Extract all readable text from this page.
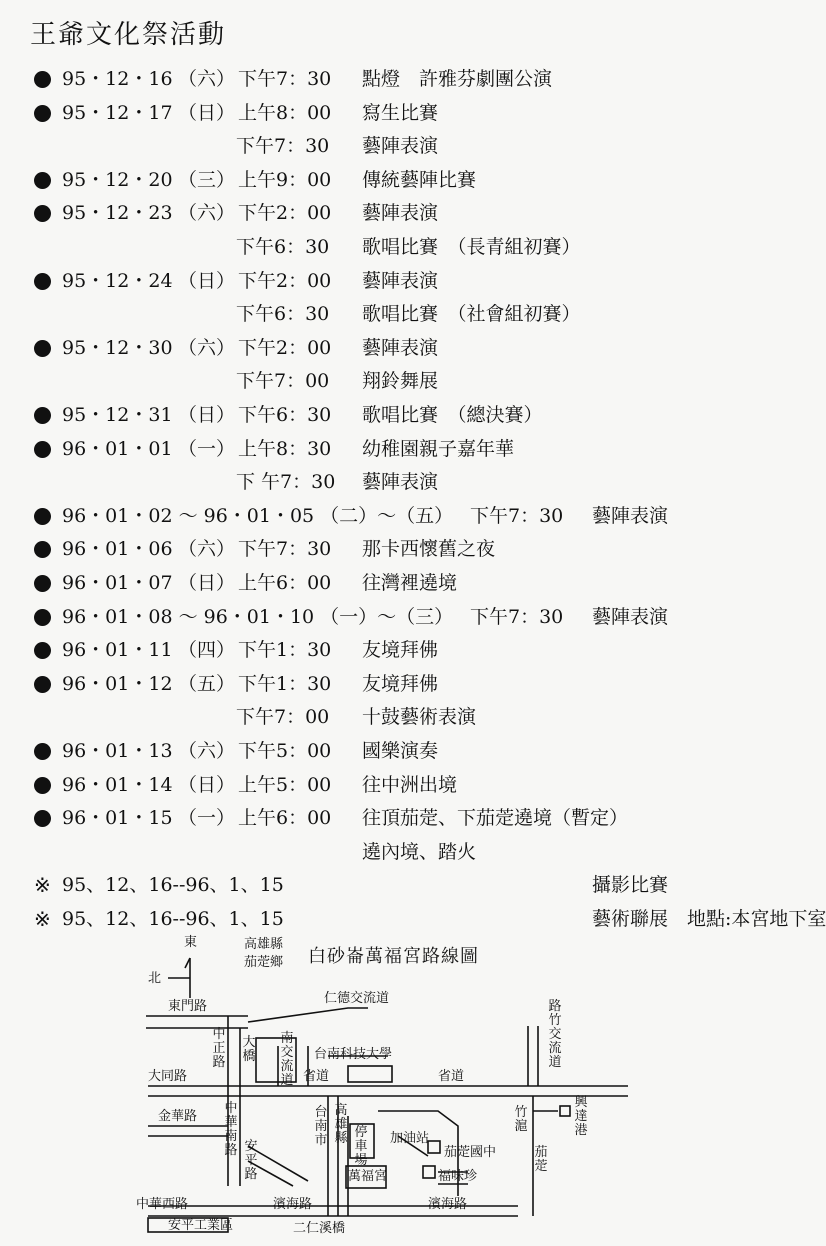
王爺文化祭活動
95・12・16 （六） 下午7：30 點燈　許雅芬劇團公演
95・12・17 （日） 上午8：00 寫生比賽
下午7：30 藝陣表演
95・12・20 （三） 上午9：00 傳統藝陣比賽
95・12・23 （六） 下午2：00 藝陣表演
下午6：30 歌唱比賽　（長青組初賽）
95・12・24 （日） 下午2：00 藝陣表演
下午6：30 歌唱比賽　（社會組初賽）
95・12・30 （六） 下午2：00 藝陣表演
下午7：00 翔鈴舞展
95・12・31 （日） 下午6：30 歌唱比賽　（總決賽）
96・01・01 （一） 上午8：30 幼稚園親子嘉年華
下 午7：30 藝陣表演
96・01・02 ～ 96・01・05 （二）～（五） 下午7：30 藝陣表演
96・01・06 （六） 下午7：30 那卡西懷舊之夜
96・01・07 （日） 上午6：00 往灣裡遶境
96・01・08 ～ 96・01・10 （一）～（三） 下午7：30 藝陣表演
96・01・11 （四） 下午1：30 友境拜佛
96・01・12 （五） 下午1：30 友境拜佛
下午7：00 十鼓藝術表演
96・01・13 （六） 下午5：00 國樂演奏
96・01・14 （日） 上午5：00 往中洲出境
96・01・15 （一） 上午6：00 往頂茄萣、下茄萣遶境（暫定）
遶內境、踏火
※ 95、12、16--96、1、15	攝影比賽
※ 95、12、16--96、1、15	藝術聯展　地點:本宮地下室
東
北
高雄縣
茄萣鄉 白砂崙萬福宮路線圖
東門路
仁德交流道
路竹交流道
中正路
大橋
南交流道
台南科技大學
大同路	省道	省道
中華南路
金華路
安平路
台南市
高雄縣 停車場
加油站
萬福宮
竹滬
茄萣
興達港
茄萣國中
福味珍
濱海路
二仁溪橋
濱海路
中華西路
安平工業區
